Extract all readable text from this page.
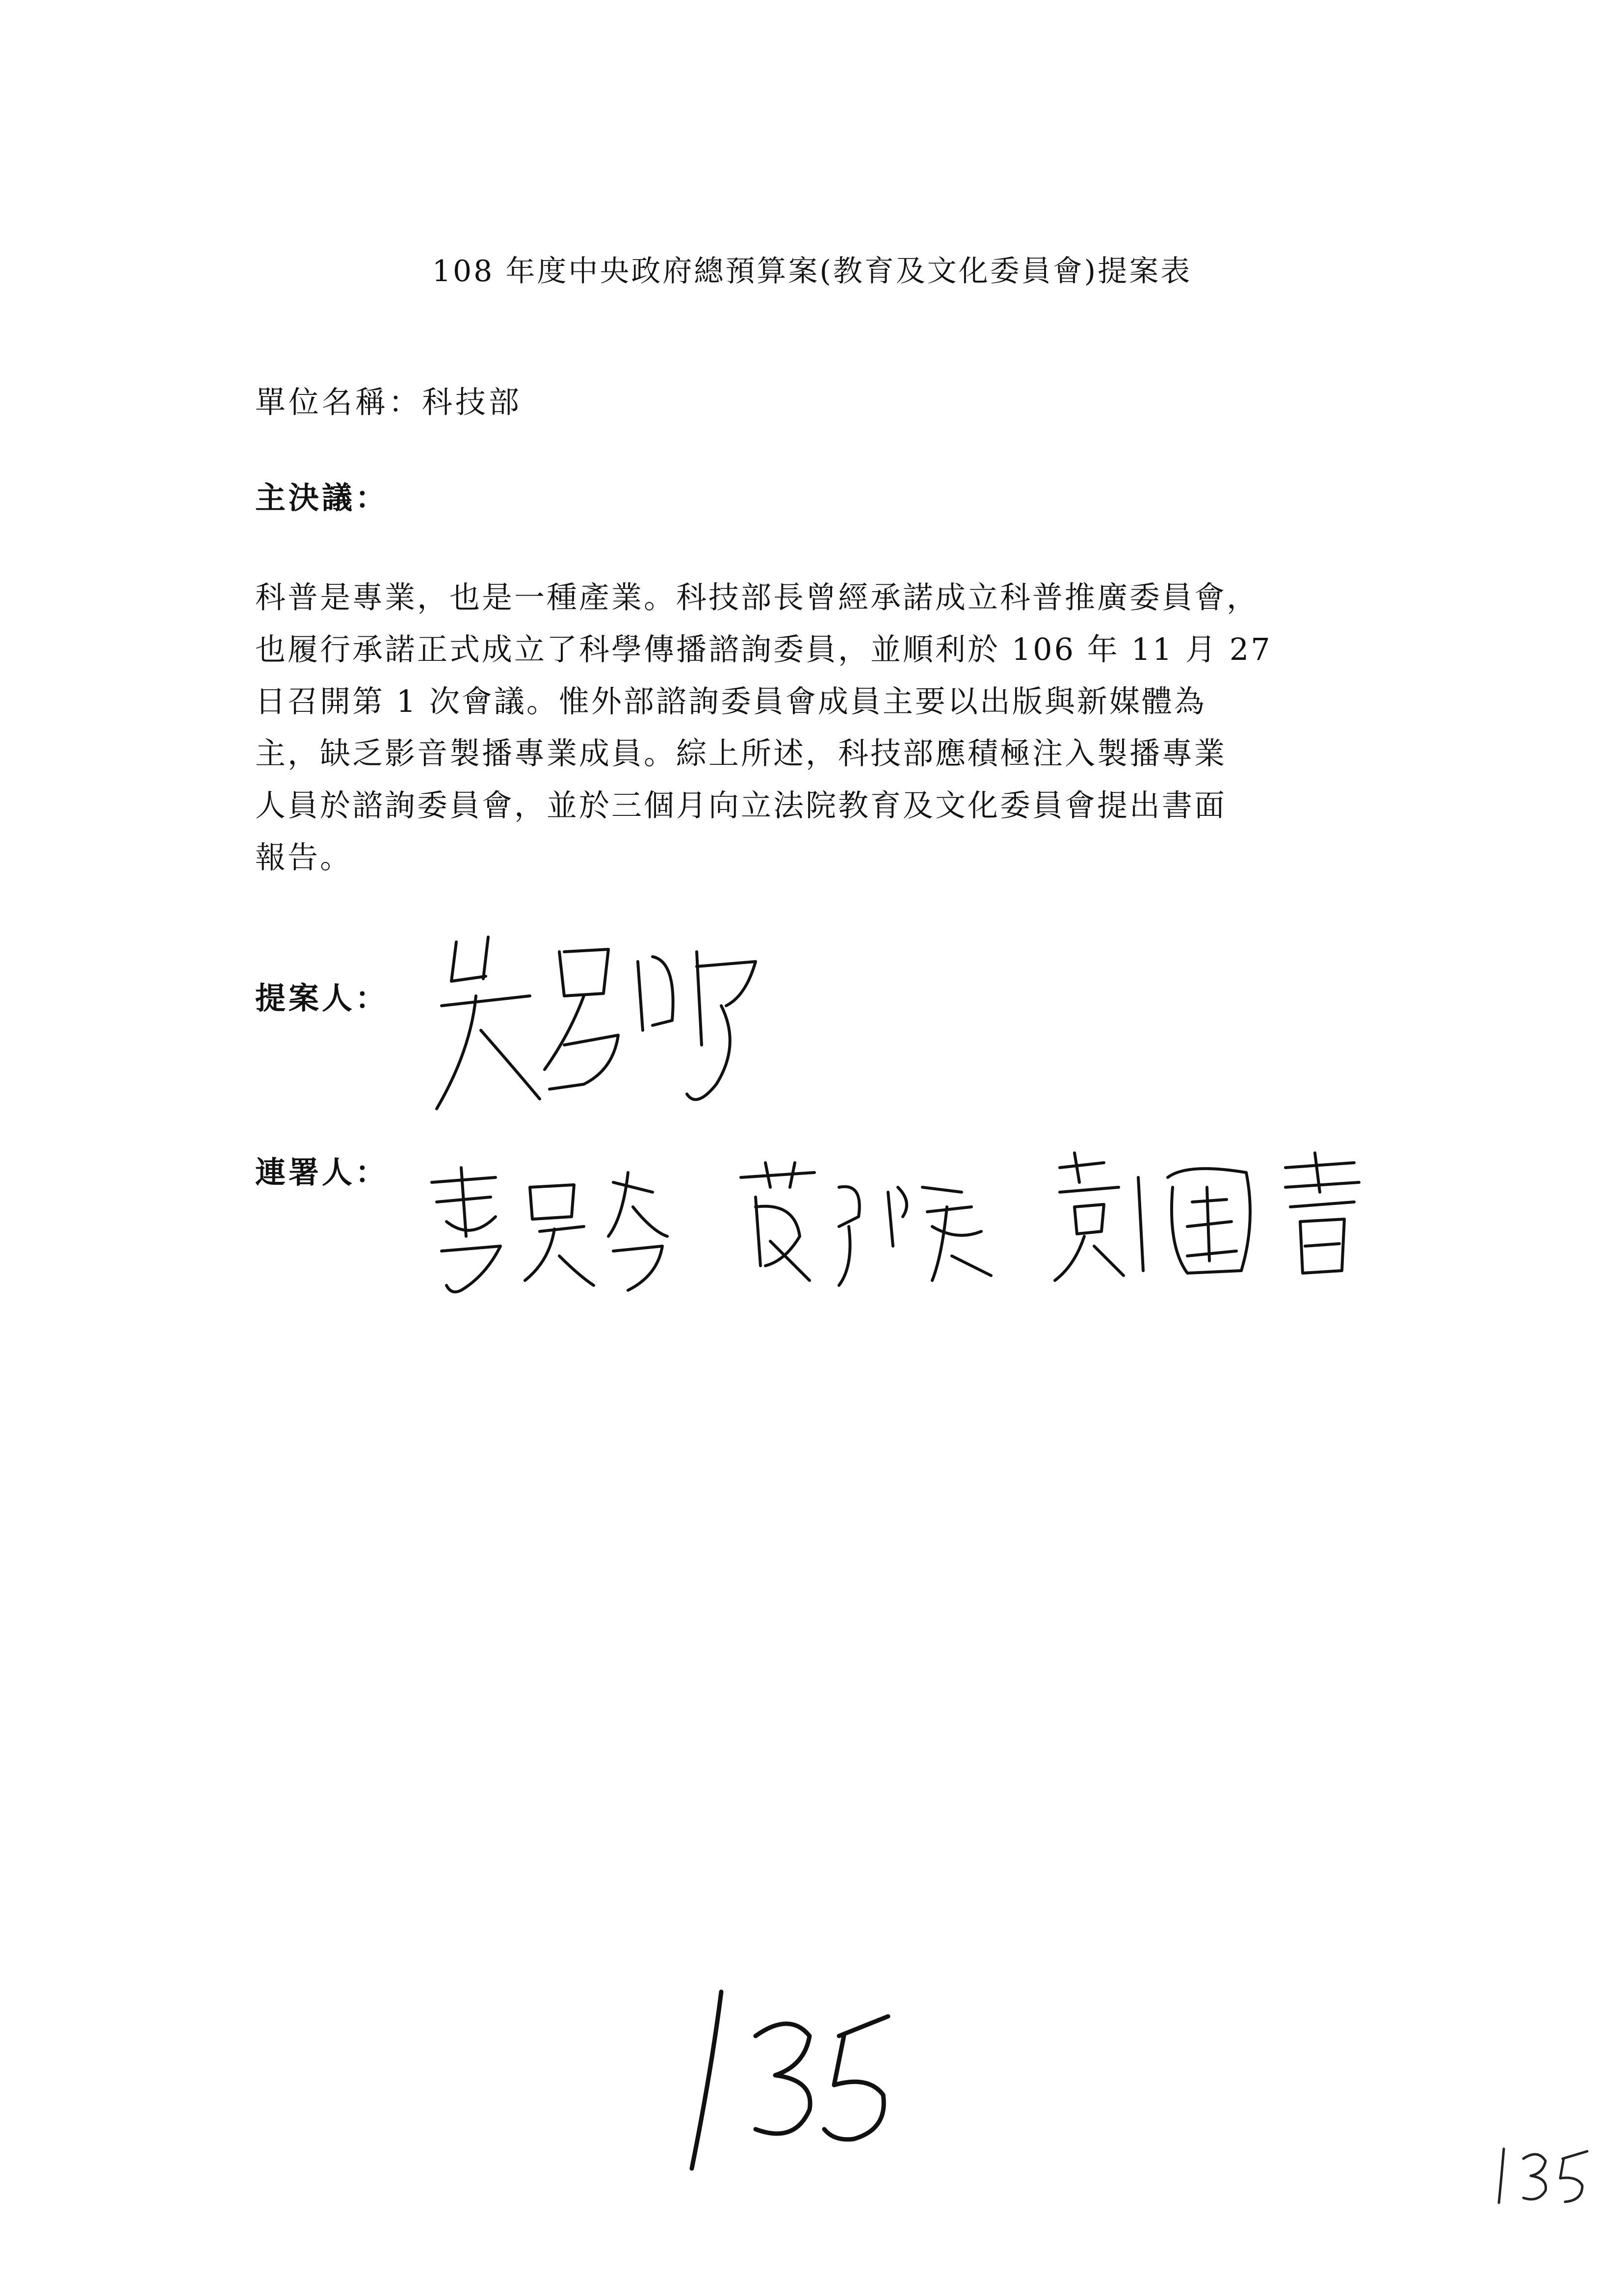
108 年度中央政府總預算案(教育及文化委員會)提案表
單位名稱：科技部
主決議：
科普是專業，也是一種產業。科技部長曾經承諾成立科普推廣委員會，
也履行承諾正式成立了科學傳播諮詢委員，並順利於 106 年 11 月 27
日召開第 1 次會議。惟外部諮詢委員會成員主要以出版與新媒體為
主，缺乏影音製播專業成員。綜上所述，科技部應積極注入製播專業
人員於諮詢委員會，並於三個月向立法院教育及文化委員會提出書面
報告。
提案人：
連署人：
